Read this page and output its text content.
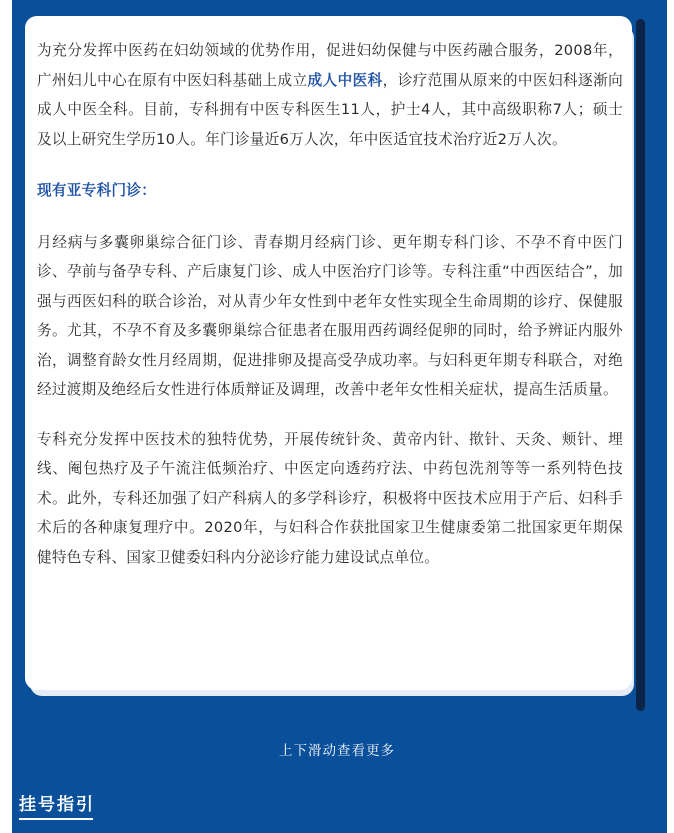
为充分发挥中医药在妇幼领域的优势作用，促进妇幼保健与中医药融合服务，2008年，广州妇儿中心在原有中医妇科基础上成立成人中医科，诊疗范围从原来的中医妇科逐渐向成人中医全科。目前，专科拥有中医专科医生11人，护士4人，其中高级职称7人；硕士及以上研究生学历10人。年门诊量近6万人次，年中医适宜技术治疗近2万人次。

现有亚专科门诊：

月经病与多囊卵巢综合征门诊、青春期月经病门诊、更年期专科门诊、不孕不育中医门诊、孕前与备孕专科、产后康复门诊、成人中医治疗门诊等。专科注重“中西医结合”，加强与西医妇科的联合诊治，对从青少年女性到中老年女性实现全生命周期的诊疗、保健服务。尤其，不孕不育及多囊卵巢综合征患者在服用西药调经促卵的同时，给予辨证内服外治，调整育龄女性月经周期，促进排卵及提高受孕成功率。与妇科更年期专科联合，对绝经过渡期及绝经后女性进行体质辩证及调理，改善中老年女性相关症状，提高生活质量。

专科充分发挥中医技术的独特优势，开展传统针灸、黄帝内针、揿针、天灸、颊针、埋线、阉包热疗及子午流注低频治疗、中医定向透药疗法、中药包洗剂等等一系列特色技术。此外，专科还加强了妇产科病人的多学科诊疗，积极将中医技术应用于产后、妇科手术后的各种康复理疗中。2020年，与妇科合作获批国家卫生健康委第二批国家更年期保健特色专科、国家卫健委妇科内分泌诊疗能力建设试点单位。

上下滑动查看更多
挂号指引
